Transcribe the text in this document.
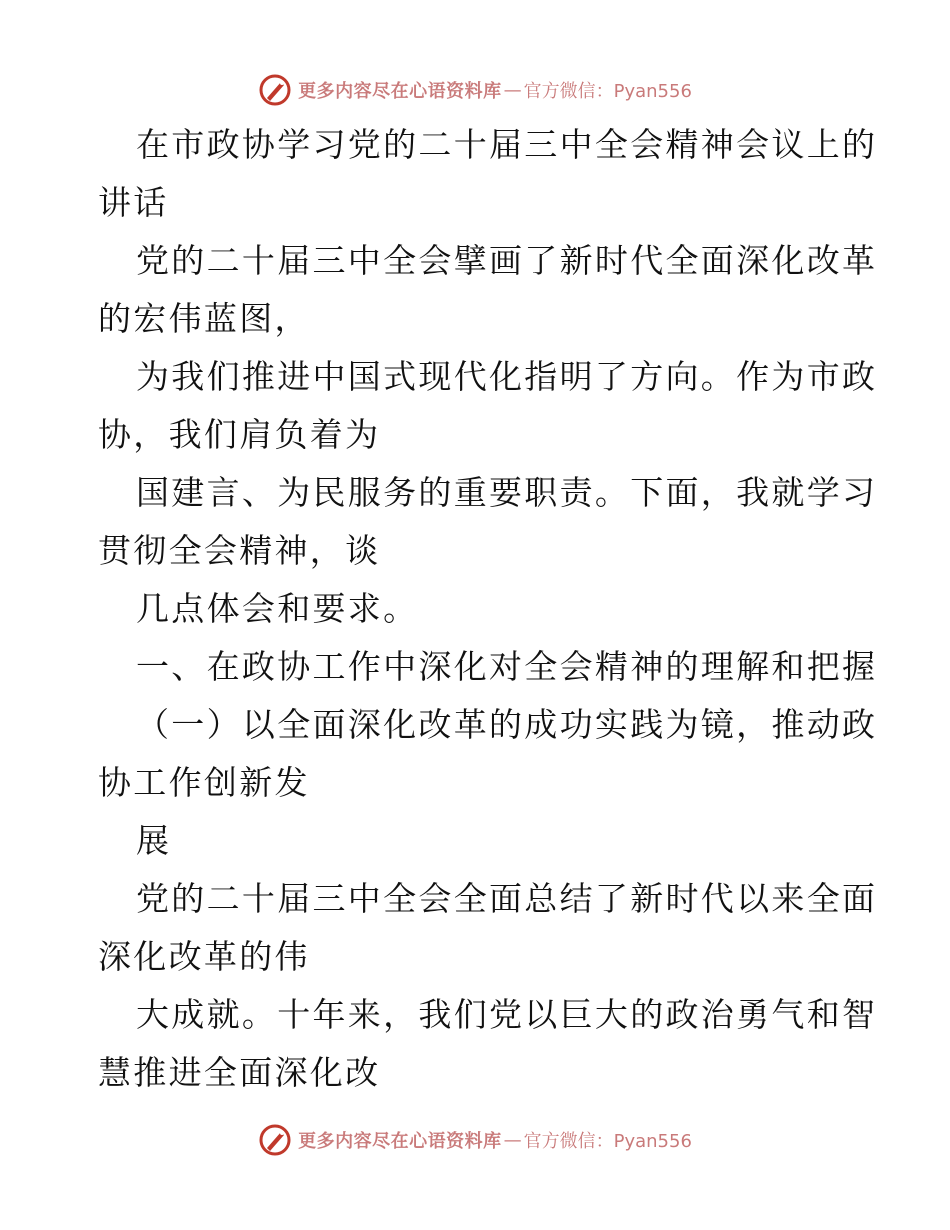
更多内容尽在心语资料库 — 官方微信：Pyan556
在市政协学习党的二十届三中全会精神会议上的
讲话
党的二十届三中全会擘画了新时代全面深化改革
的宏伟蓝图，
为我们推进中国式现代化指明了方向。作为市政
协，我们肩负着为
国建言、为民服务的重要职责。下面，我就学习
贯彻全会精神，谈
几点体会和要求。
一、在政协工作中深化对全会精神的理解和把握
（一）以全面深化改革的成功实践为镜，推动政
协工作创新发
展
党的二十届三中全会全面总结了新时代以来全面
深化改革的伟
大成就。十年来，我们党以巨大的政治勇气和智
慧推进全面深化改
更多内容尽在心语资料库 — 官方微信：Pyan556
